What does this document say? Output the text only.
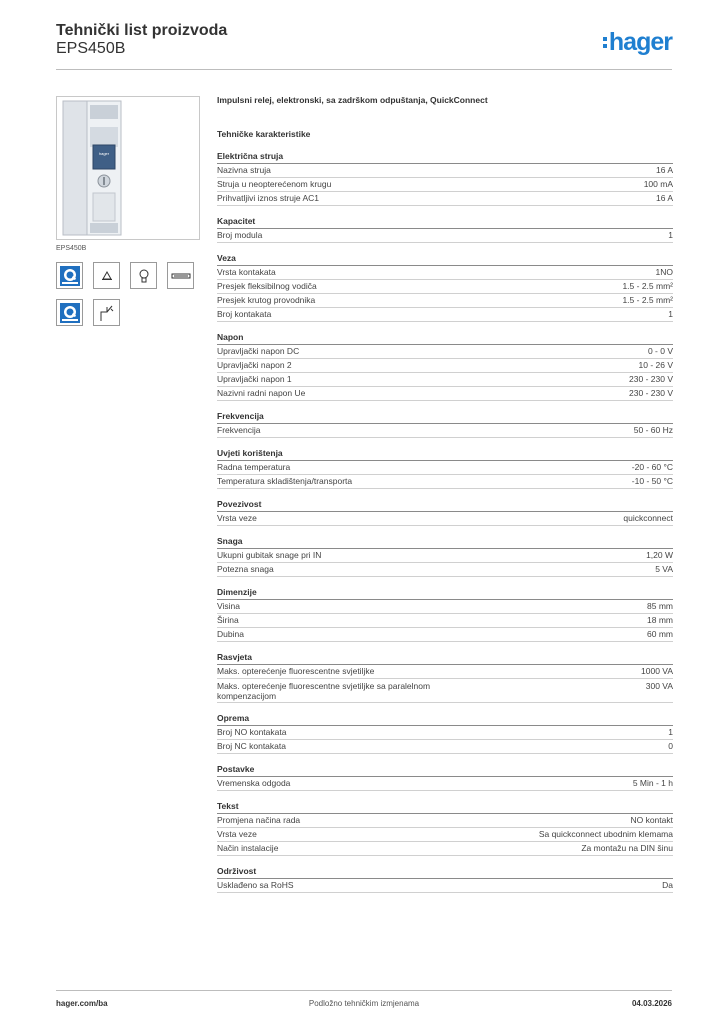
Tehnički list proizvoda
EPS450B	hager
hager
EPS450B
Impulsni relej, elektronski, sa zadrškom odpuštanja, QuickConnect
Tehničke karakteristike
Električna struja
Nazivna struja	16 A
Struja u neopterećenom krugu	100 mA
Prihvatljivi iznos struje AC1	16 A
Kapacitet
Broj modula	1
Veza
Vrsta kontakata	1NO
Presjek fleksibilnog vodiča	1.5 - 2.5 mm²
Presjek krutog provodnika	1.5 - 2.5 mm²
Broj kontakata	1
Napon
Upravljački napon DC	0 - 0 V
Upravljački napon 2	10 - 26 V
Upravljački napon 1	230 - 230 V
Nazivni radni napon Ue	230 - 230 V
Frekvencija
Frekvencija	50 - 60 Hz
Uvjeti korištenja
Radna temperatura	-20 - 60 °C
Temperatura skladištenja/transporta	-10 - 50 °C
Povezivost
Vrsta veze	quickconnect
Snaga
Ukupni gubitak snage pri IN	1,20 W
Potezna snaga	5 VA
Dimenzije
Visina	85 mm
Širina	18 mm
Dubina	60 mm
Rasvjeta
Maks. opterećenje fluorescentne svjetiljke	1000 VA
Maks. opterećenje fluorescentne svjetiljke sa paralelnom kompenzacijom
300 VA
Oprema
Broj NO kontakata	1
Broj NC kontakata	0
Postavke
Vremenska odgoda	5 Min - 1 h
Tekst
Promjena načina rada	NO kontakt
Vrsta veze	Sa quickconnect ubodnim klemama
Način instalacije	Za montažu na DIN šinu
Održivost
Usklađeno sa RoHS	Da
hager.com/ba	Podložno tehničkim izmjenama	04.03.2026
